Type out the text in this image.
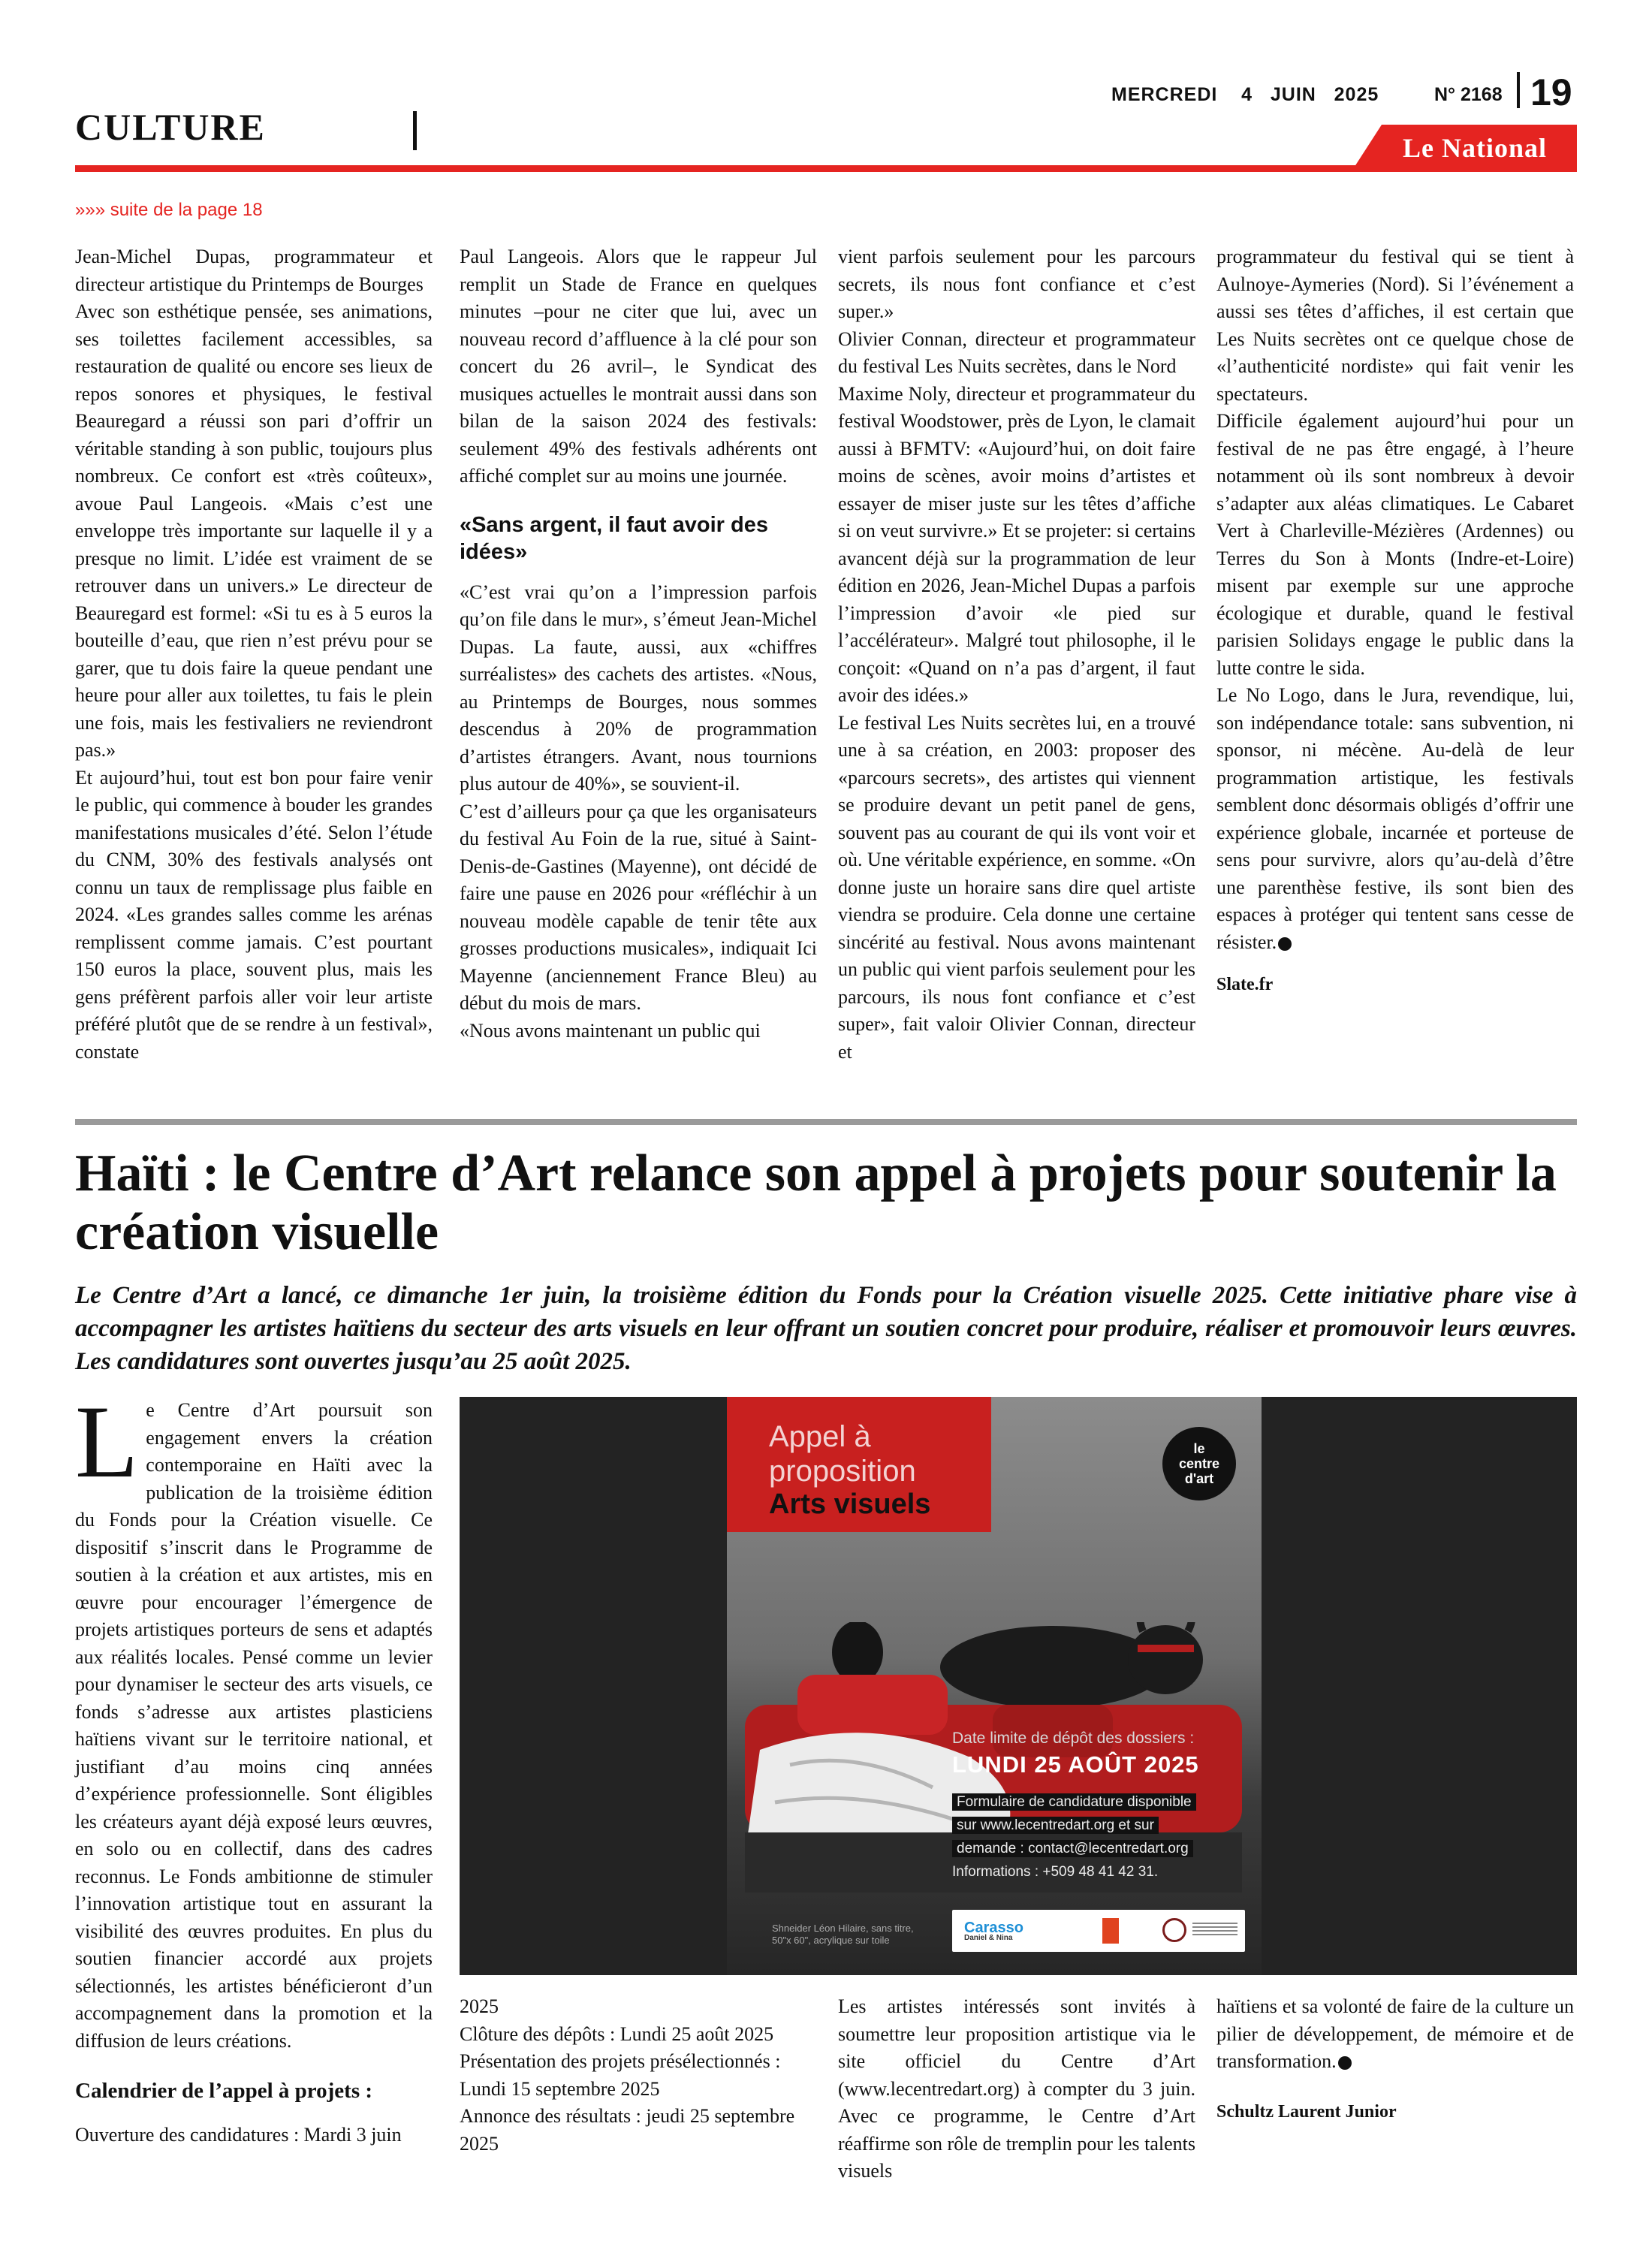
CULTURE
MERCREDI    4   JUIN   2025	N° 2168 19
Le National
»»» suite de la page 18

Jean-Michel Dupas, programmateur et directeur artistique du Printemps de Bourges

Avec son esthétique pensée, ses animations, ses toilettes facilement accessibles, sa restauration de qualité ou encore ses lieux de repos sonores et physiques, le festival Beauregard a réussi son pari d’offrir un véritable standing à son public, toujours plus nombreux. Ce confort est «très coûteux», avoue Paul Langeois. «Mais c’est une enveloppe très importante sur laquelle il y a presque no limit. L’idée est vraiment de se retrouver dans un univers.» Le directeur de Beauregard est formel: «Si tu es à 5 euros la bouteille d’eau, que rien n’est prévu pour se garer, que tu dois faire la queue pendant une heure pour aller aux toilettes, tu fais le plein une fois, mais les festivaliers ne reviendront pas.»

Et aujourd’hui, tout est bon pour faire venir le public, qui commence à bouder les grandes manifestations musicales d’été. Selon l’étude du CNM, 30% des festivals analysés ont connu un taux de remplissage plus faible en 2024. «Les grandes salles comme les arénas remplissent comme jamais. C’est pourtant 150 euros la place, souvent plus, mais les gens préfèrent parfois aller voir leur artiste préféré plutôt que de se rendre à un festival», constate

Paul Langeois. Alors que le rappeur Jul remplit un Stade de France en quelques minutes –pour ne citer que lui, avec un nouveau record d’affluence à la clé pour son concert du 26 avril–, le Syndicat des musiques actuelles le montrait aussi dans son bilan de la saison 2024 des festivals: seulement 49% des festivals adhérents ont affiché complet sur au moins une journée.

«Sans argent, il faut avoir des idées»

«C’est vrai qu’on a l’impression parfois qu’on file dans le mur», s’émeut Jean-Michel Dupas. La faute, aussi, aux «chiffres surréalistes» des cachets des artistes. «Nous, au Printemps de Bourges, nous sommes descendus à 20% de programmation d’artistes étrangers. Avant, nous tournions plus autour de 40%», se souvient-il.

C’est d’ailleurs pour ça que les organisateurs du festival Au Foin de la rue, situé à Saint-Denis-de-Gastines (Mayenne), ont décidé de faire une pause en 2026 pour «réfléchir à un nouveau modèle capable de tenir tête aux grosses productions musicales», indiquait Ici Mayenne (anciennement France Bleu) au début du mois de mars.

«Nous avons maintenant un public qui

vient parfois seulement pour les parcours secrets, ils nous font confiance et c’est super.»

Olivier Connan, directeur et programmateur du festival Les Nuits secrètes, dans le Nord

Maxime Noly, directeur et programmateur du festival Woodstower, près de Lyon, le clamait aussi à BFMTV: «Aujourd’hui, on doit faire moins de scènes, avoir moins d’artistes et essayer de miser juste sur les têtes d’affiche si on veut survivre.» Et se projeter: si certains avancent déjà sur la programmation de leur édition en 2026, Jean-Michel Dupas a parfois l’impression d’avoir «le pied sur l’accélérateur». Malgré tout philosophe, il le conçoit: «Quand on n’a pas d’argent, il faut avoir des idées.»

Le festival Les Nuits secrètes lui, en a trouvé une à sa création, en 2003: proposer des «parcours secrets», des artistes qui viennent se produire devant un petit panel de gens, souvent pas au courant de qui ils vont voir et où. Une véritable expérience, en somme. «On donne juste un horaire sans dire quel artiste viendra se produire. Cela donne une certaine sincérité au festival. Nous avons maintenant un public qui vient parfois seulement pour les parcours, ils nous font confiance et c’est super», fait valoir Olivier Connan, directeur et

programmateur du festival qui se tient à Aulnoye-Aymeries (Nord). Si l’événement a aussi ses têtes d’affiches, il est certain que Les Nuits secrètes ont ce quelque chose de «l’authenticité nordiste» qui fait venir les spectateurs.

Difficile également aujourd’hui pour un festival de ne pas être engagé, à l’heure notamment où ils sont nombreux à devoir s’adapter aux aléas climatiques. Le Cabaret Vert à Charleville-Mézières (Ardennes) ou Terres du Son à Monts (Indre-et-Loire) misent par exemple sur une approche écologique et durable, quand le festival parisien Solidays engage le public dans la lutte contre le sida.

Le No Logo, dans le Jura, revendique, lui, son indépendance totale: sans subvention, ni sponsor, ni mécène. Au-delà de leur programmation artistique, les festivals semblent donc désormais obligés d’offrir une expérience globale, incarnée et porteuse de sens pour survivre, alors qu’au-delà d’être une parenthèse festive, ils sont bien des espaces à protéger qui tentent sans cesse de résister.

Slate.fr

Haïti : le Centre d’Art relance son appel à projets pour soutenir la création visuelle
Le Centre d’Art a lancé, ce dimanche 1er juin, la troisième édition du Fonds pour la Création visuelle 2025. Cette initiative phare vise à accompagner les artistes haïtiens du secteur des arts visuels en leur offrant un soutien concret pour produire, réaliser et promouvoir leurs œuvres. Les candidatures sont ouvertes jusqu’au 25 août 2025.

Le Centre d’Art poursuit son engagement envers la création contemporaine en Haïti avec la publication de la troisième édition du Fonds pour la Création visuelle. Ce dispositif s’inscrit dans le Programme de soutien à la création et aux artistes, mis en œuvre pour encourager l’émergence de projets artistiques porteurs de sens et adaptés aux réalités locales. Pensé comme un levier pour dynamiser le secteur des arts visuels, ce fonds s’adresse aux artistes plasticiens haïtiens vivant sur le territoire national, et justifiant d’au moins cinq années d’expérience professionnelle. Sont éligibles les créateurs ayant déjà exposé leurs œuvres, en solo ou en collectif, dans des cadres reconnus. Le Fonds ambitionne de stimuler l’innovation artistique tout en assurant la visibilité des œuvres produites. En plus du soutien financier accordé aux projets sélectionnés, les artistes bénéficieront d’un accompagnement dans la promotion et la diffusion de leurs créations.

Calendrier de l’appel à projets :

Ouverture des candidatures : Mardi 3 juin

Appel à
proposition
Arts visuels
le centre d'art
Date limite de dépôt des dossiers :
LUNDI 25 AOÛT 2025
Formulaire de candidature disponible
sur www.lecentredart.org et sur
demande : contact@lecentredart.org
Informations : +509 48 41 42 31.
Shneider Léon Hilaire, sans titre, 50"x 60", acrylique sur toile
Carasso
Daniel & Nina

2025

Clôture des dépôts : Lundi 25 août 2025

Présentation des projets présélectionnés : Lundi 15 septembre 2025

Annonce des résultats : jeudi 25 septembre 2025

Les artistes intéressés sont invités à soumettre leur proposition artistique via le site officiel du Centre d’Art (www.lecentredart.org) à compter du 3 juin. Avec ce programme, le Centre d’Art réaffirme son rôle de tremplin pour les talents visuels

haïtiens et sa volonté de faire de la culture un pilier de développement, de mémoire et de transformation.

Schultz Laurent Junior
